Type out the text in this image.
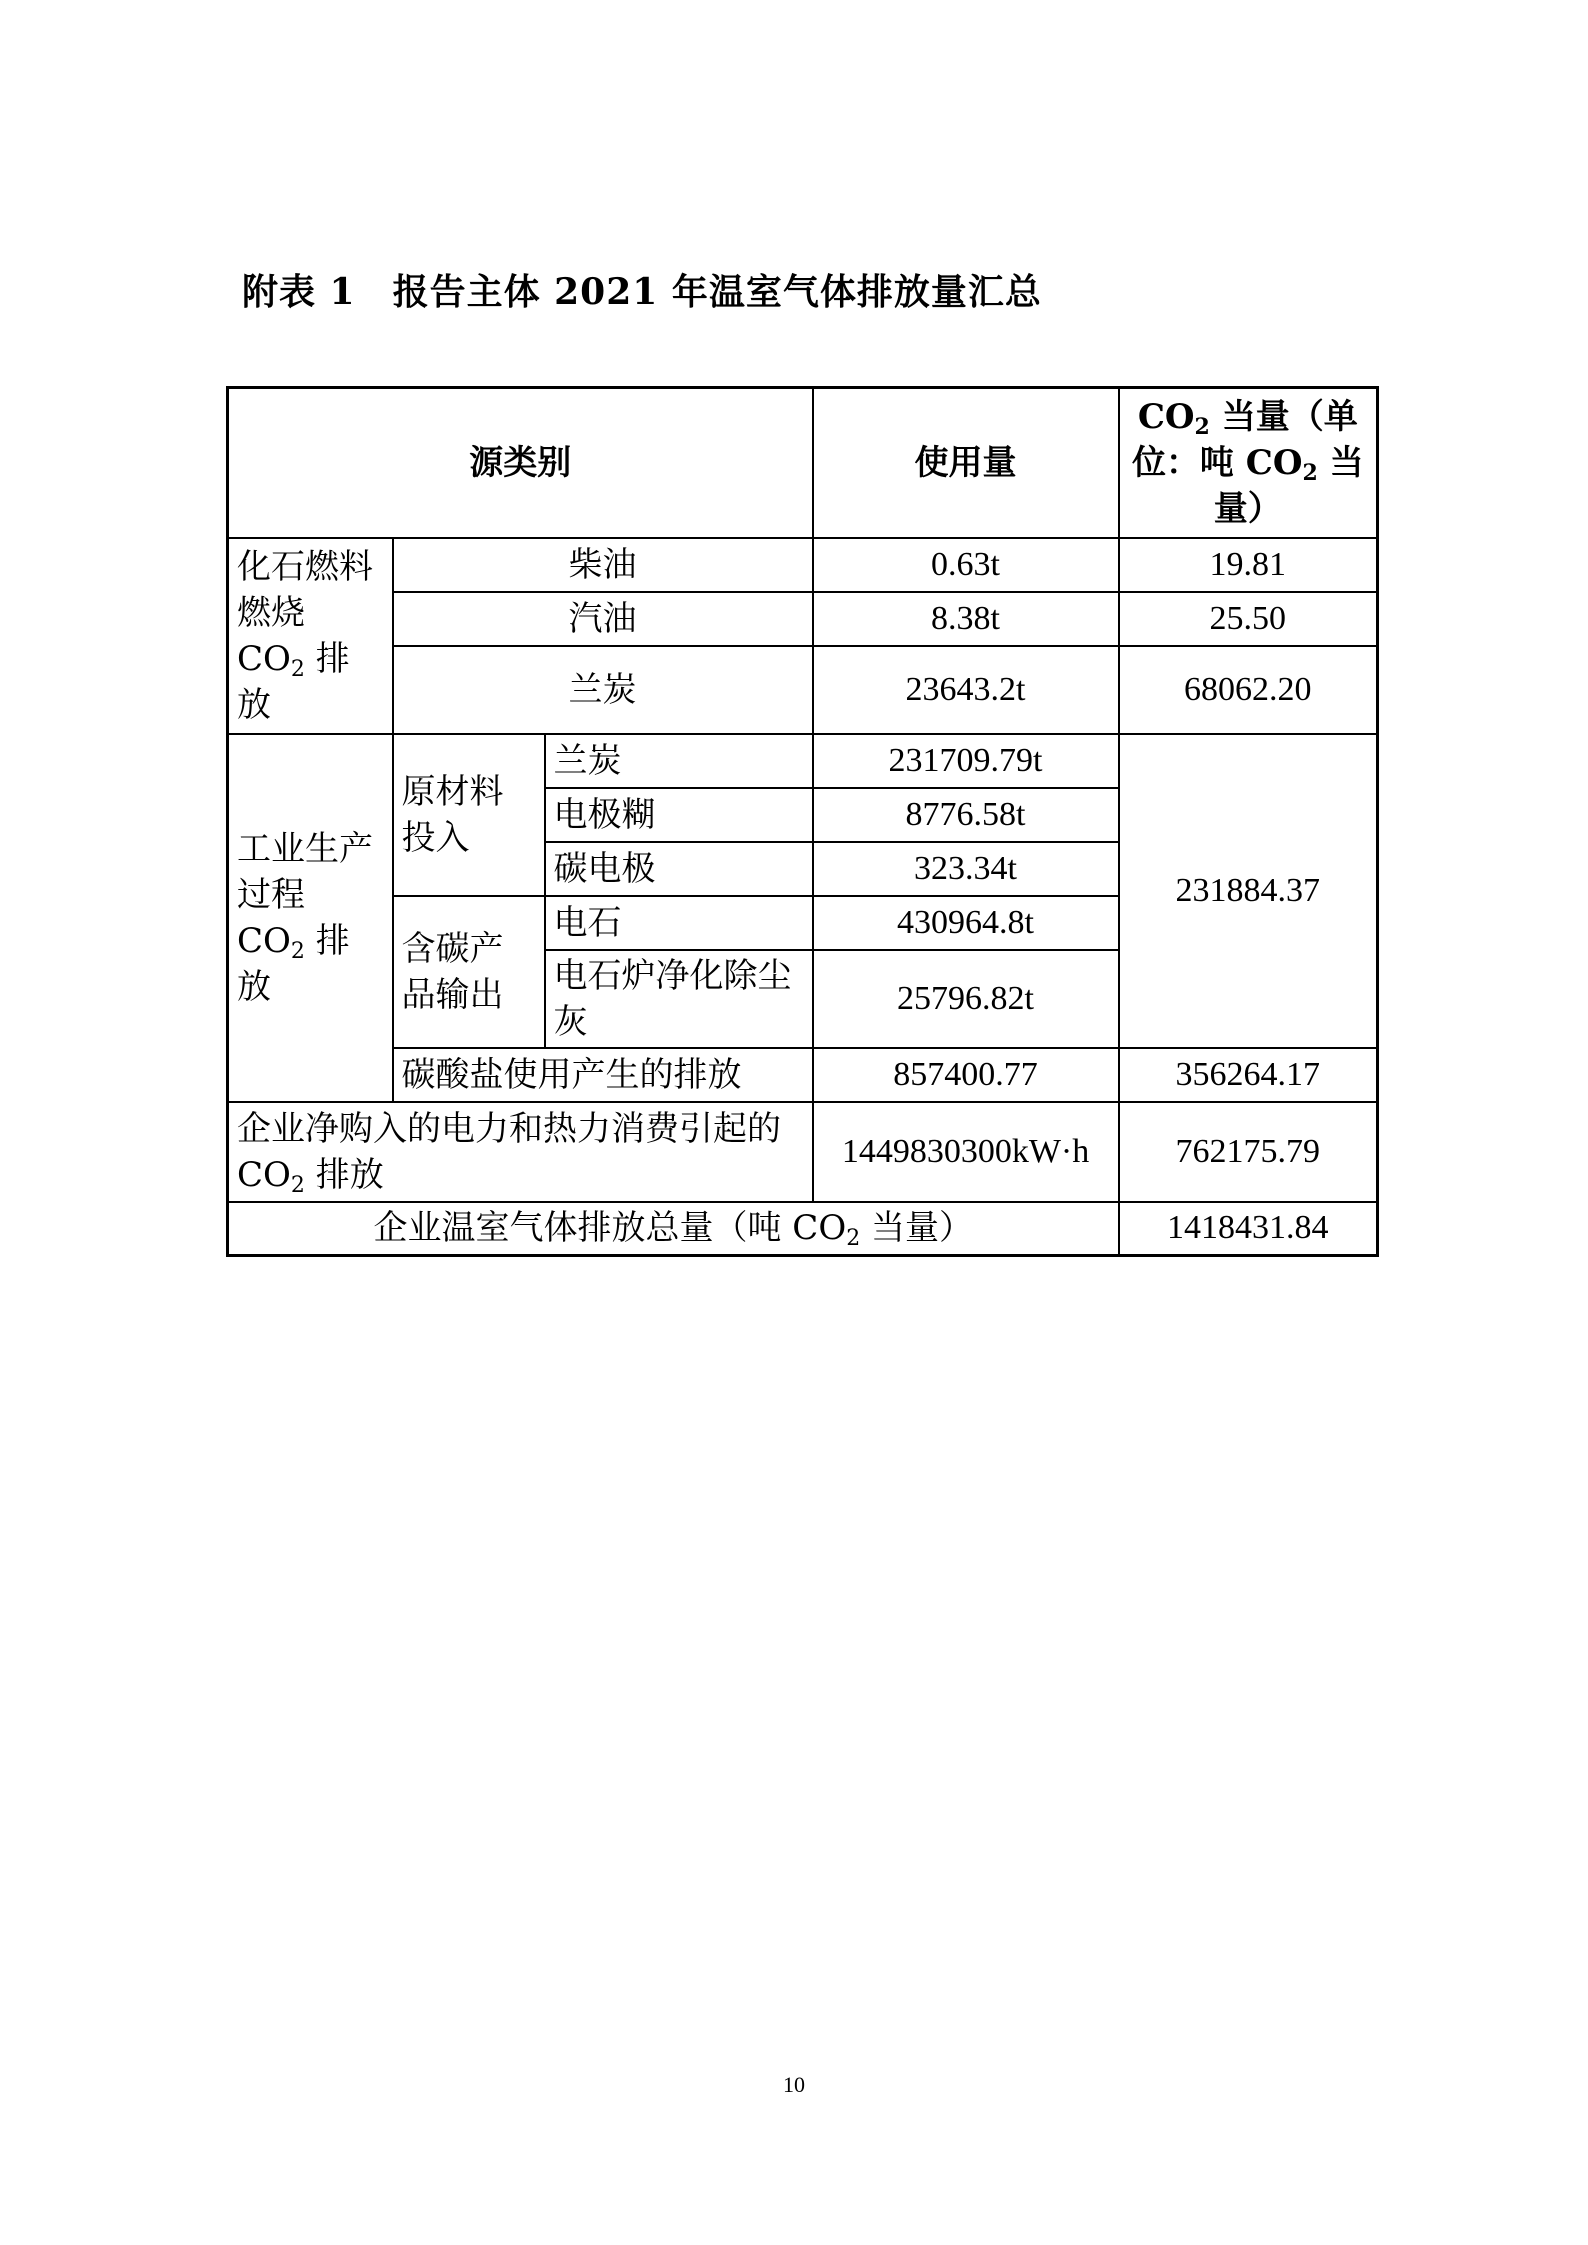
附表 1　报告主体 2021 年温室气体排放量汇总
源类别			使用量	$CO_2$ 当量（单位：吨 $CO_2$ 当量）
化石燃料燃烧 $CO_2$ 排放	柴油		0.63t	19.81
	汽油		8.38t	25.50
	兰炭		23643.2t	68062.20
工业生产过程 $CO_2$ 排放	原材料投入	兰炭	231709.79t	231884.37
		电极糊	8776.58t	
		碳电极	323.34t	
	含碳产品输出	电石	430964.8t	
		电石炉净化除尘灰	25796.82t	
	碳酸盐使用产生的排放		857400.77	356264.17
企业净购入的电力和热力消费引起的 $CO_2$ 排放			1449830300kW·h	762175.79
企业温室气体排放总量（吨 $CO_2$ 当量）				1418431.84
10
